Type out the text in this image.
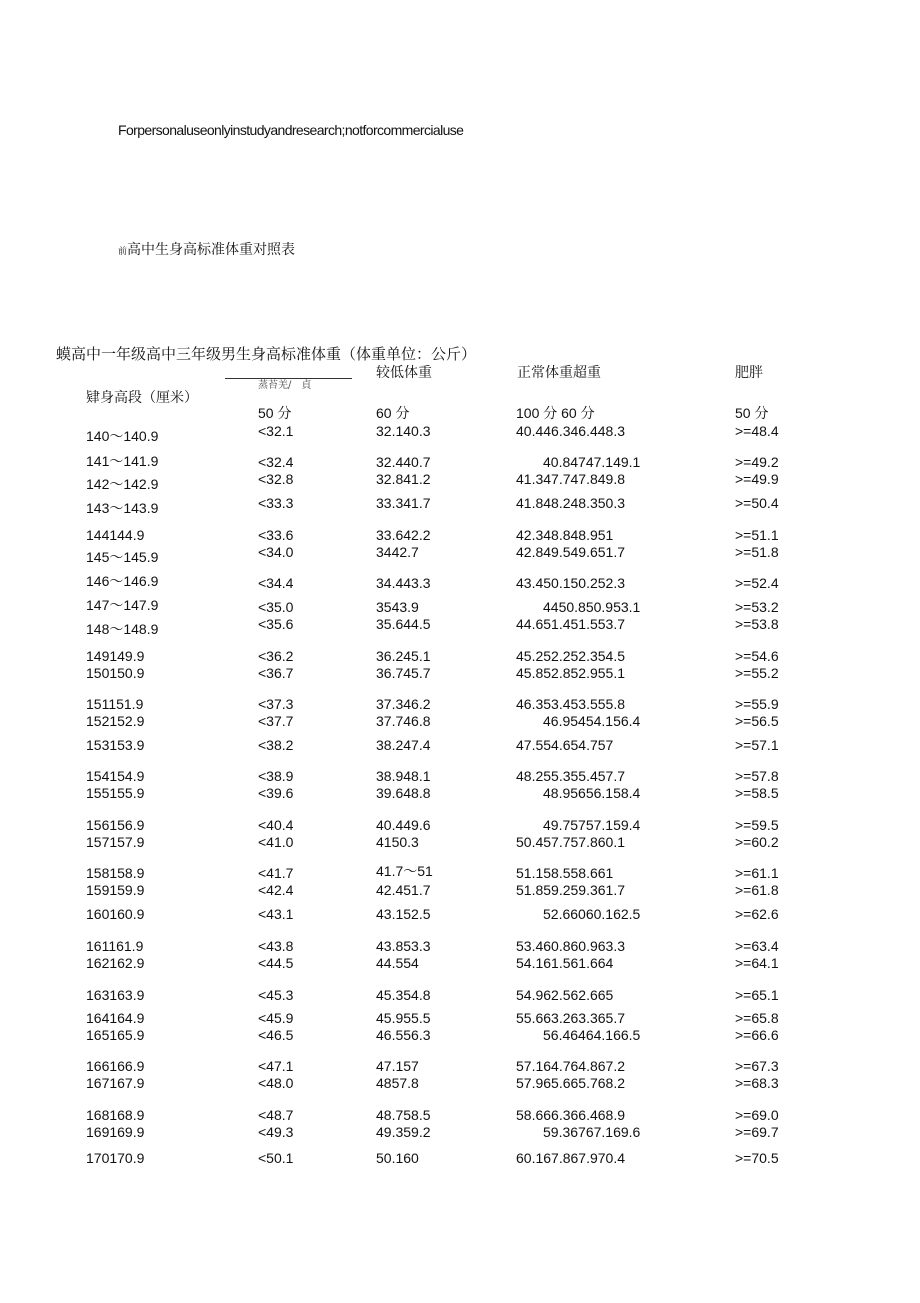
Forpersonaluseonlyinstudyandresearch;notforcommercialuse
前高中生身高标准体重对照表
蟆高中一年级高中三年级男生身高标准体重（体重单位：公斤）
蒸苔羌/　貞
较低体重	正常体重超重	肥胖
肄身高段（厘米）
50 分	60 分	100 分 60 分	50 分
140〜140.9	<32.1	32.140.3	40.446.346.448.3	>=48.4
141〜141.9	<32.4	32.440.7	40.84747.149.1	>=49.2
142〜142.9	<32.8	32.841.2	41.347.747.849.8	>=49.9
143〜143.9	<33.3	33.341.7	41.848.248.350.3	>=50.4
144144.9	<33.6	33.642.2	42.348.848.951	>=51.1
145〜145.9	<34.0	3442.7	42.849.549.651.7	>=51.8
146〜146.9	<34.4	34.443.3	43.450.150.252.3	>=52.4
147〜147.9	<35.0	3543.9	4450.850.953.1	>=53.2
148〜148.9	<35.6	35.644.5	44.651.451.553.7	>=53.8
149149.9	<36.2	36.245.1	45.252.252.354.5	>=54.6
150150.9	<36.7	36.745.7	45.852.852.955.1	>=55.2
151151.9	<37.3	37.346.2	46.353.453.555.8	>=55.9
152152.9	<37.7	37.746.8	46.95454.156.4	>=56.5
153153.9	<38.2	38.247.4	47.554.654.757	>=57.1
154154.9	<38.9	38.948.1	48.255.355.457.7	>=57.8
155155.9	<39.6	39.648.8	48.95656.158.4	>=58.5
156156.9	<40.4	40.449.6	49.75757.159.4	>=59.5
157157.9	<41.0	4150.3	50.457.757.860.1	>=60.2
158158.9	<41.7	41.7〜51	51.158.558.661	>=61.1
159159.9	<42.4	42.451.7	51.859.259.361.7	>=61.8
160160.9	<43.1	43.152.5	52.66060.162.5	>=62.6
161161.9	<43.8	43.853.3	53.460.860.963.3	>=63.4
162162.9	<44.5	44.554	54.161.561.664	>=64.1
163163.9	<45.3	45.354.8	54.962.562.665	>=65.1
164164.9	<45.9	45.955.5	55.663.263.365.7	>=65.8
165165.9	<46.5	46.556.3	56.46464.166.5	>=66.6
166166.9	<47.1	47.157	57.164.764.867.2	>=67.3
167167.9	<48.0	4857.8	57.965.665.768.2	>=68.3
168168.9	<48.7	48.758.5	58.666.366.468.9	>=69.0
169169.9	<49.3	49.359.2	59.36767.169.6	>=69.7
170170.9	<50.1	50.160	60.167.867.970.4	>=70.5
